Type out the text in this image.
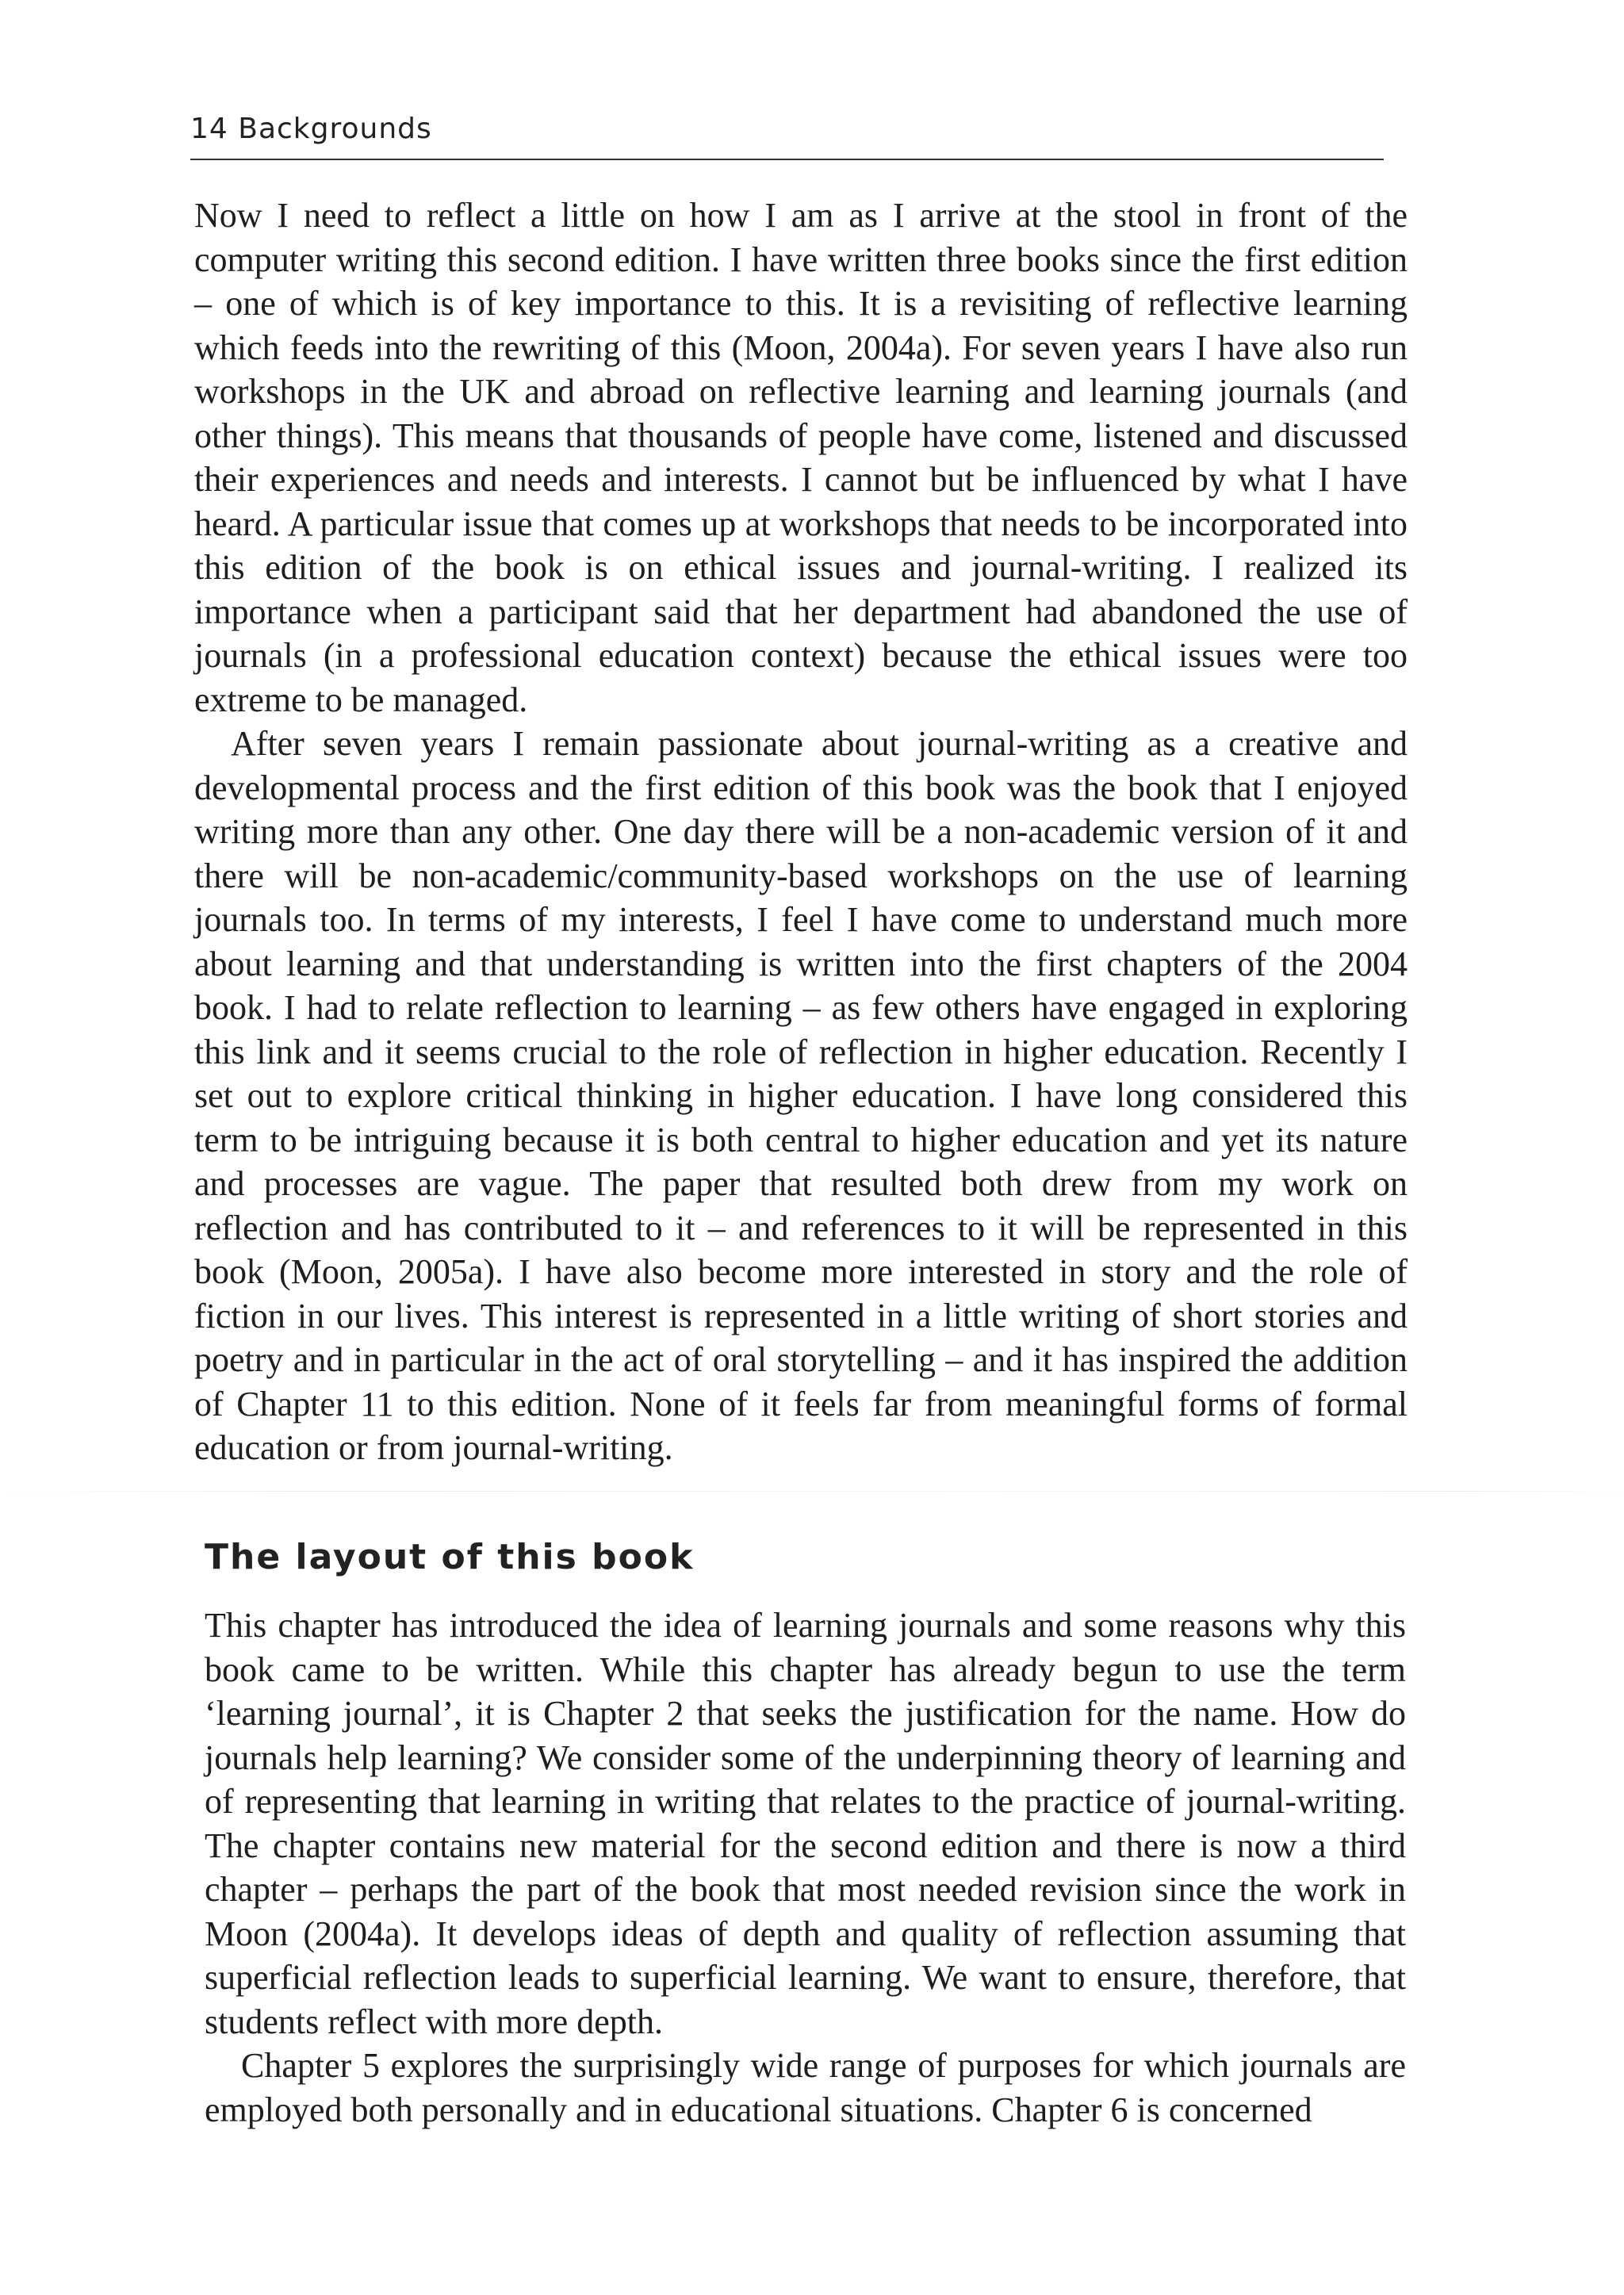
14 Backgrounds

Now I need to reflect a little on how I am as I arrive at the stool in front of the computer writing this second edition. I have written three books since the first edition – one of which is of key importance to this. It is a revisiting of reflective learning which feeds into the rewriting of this (Moon, 2004a). For seven years I have also run workshops in the UK and abroad on reflective learning and learning journals (and other things). This means that thousands of people have come, listened and discussed their experiences and needs and interests. I cannot but be influenced by what I have heard. A particular issue that comes up at workshops that needs to be incorporated into this edition of the book is on ethical issues and journal-writing. I realized its importance when a participant said that her department had abandoned the use of journals (in a professional education context) because the ethical issues were too extreme to be managed.

After seven years I remain passionate about journal-writing as a creative and developmental process and the first edition of this book was the book that I enjoyed writing more than any other. One day there will be a non-academic version of it and there will be non-academic/community-based workshops on the use of learning journals too. In terms of my interests, I feel I have come to understand much more about learning and that understanding is written into the first chapters of the 2004 book. I had to relate reflection to learning – as few others have engaged in exploring this link and it seems crucial to the role of reflection in higher education. Recently I set out to explore critical thinking in higher education. I have long considered this term to be intriguing because it is both central to higher education and yet its nature and processes are vague. The paper that resulted both drew from my work on reflection and has contributed to it – and references to it will be represented in this book (Moon, 2005a). I have also become more interested in story and the role of fiction in our lives. This interest is represented in a little writing of short stories and poetry and in particular in the act of oral storytelling – and it has inspired the addition of Chapter 11 to this edition. None of it feels far from meaningful forms of formal education or from journal-writing.

The layout of this book

This chapter has introduced the idea of learning journals and some reasons why this book came to be written. While this chapter has already begun to use the term ‘learning journal’, it is Chapter 2 that seeks the justification for the name. How do journals help learning? We consider some of the underpinning theory of learning and of representing that learning in writing that relates to the practice of journal-writing. The chapter contains new material for the second edition and there is now a third chapter – perhaps the part of the book that most needed revision since the work in Moon (2004a). It develops ideas of depth and quality of reflection assuming that superficial reflection leads to superficial learning. We want to ensure, therefore, that students reflect with more depth.

Chapter 5 explores the surprisingly wide range of purposes for which journals are employed both personally and in educational situations. Chapter 6 is concerned
